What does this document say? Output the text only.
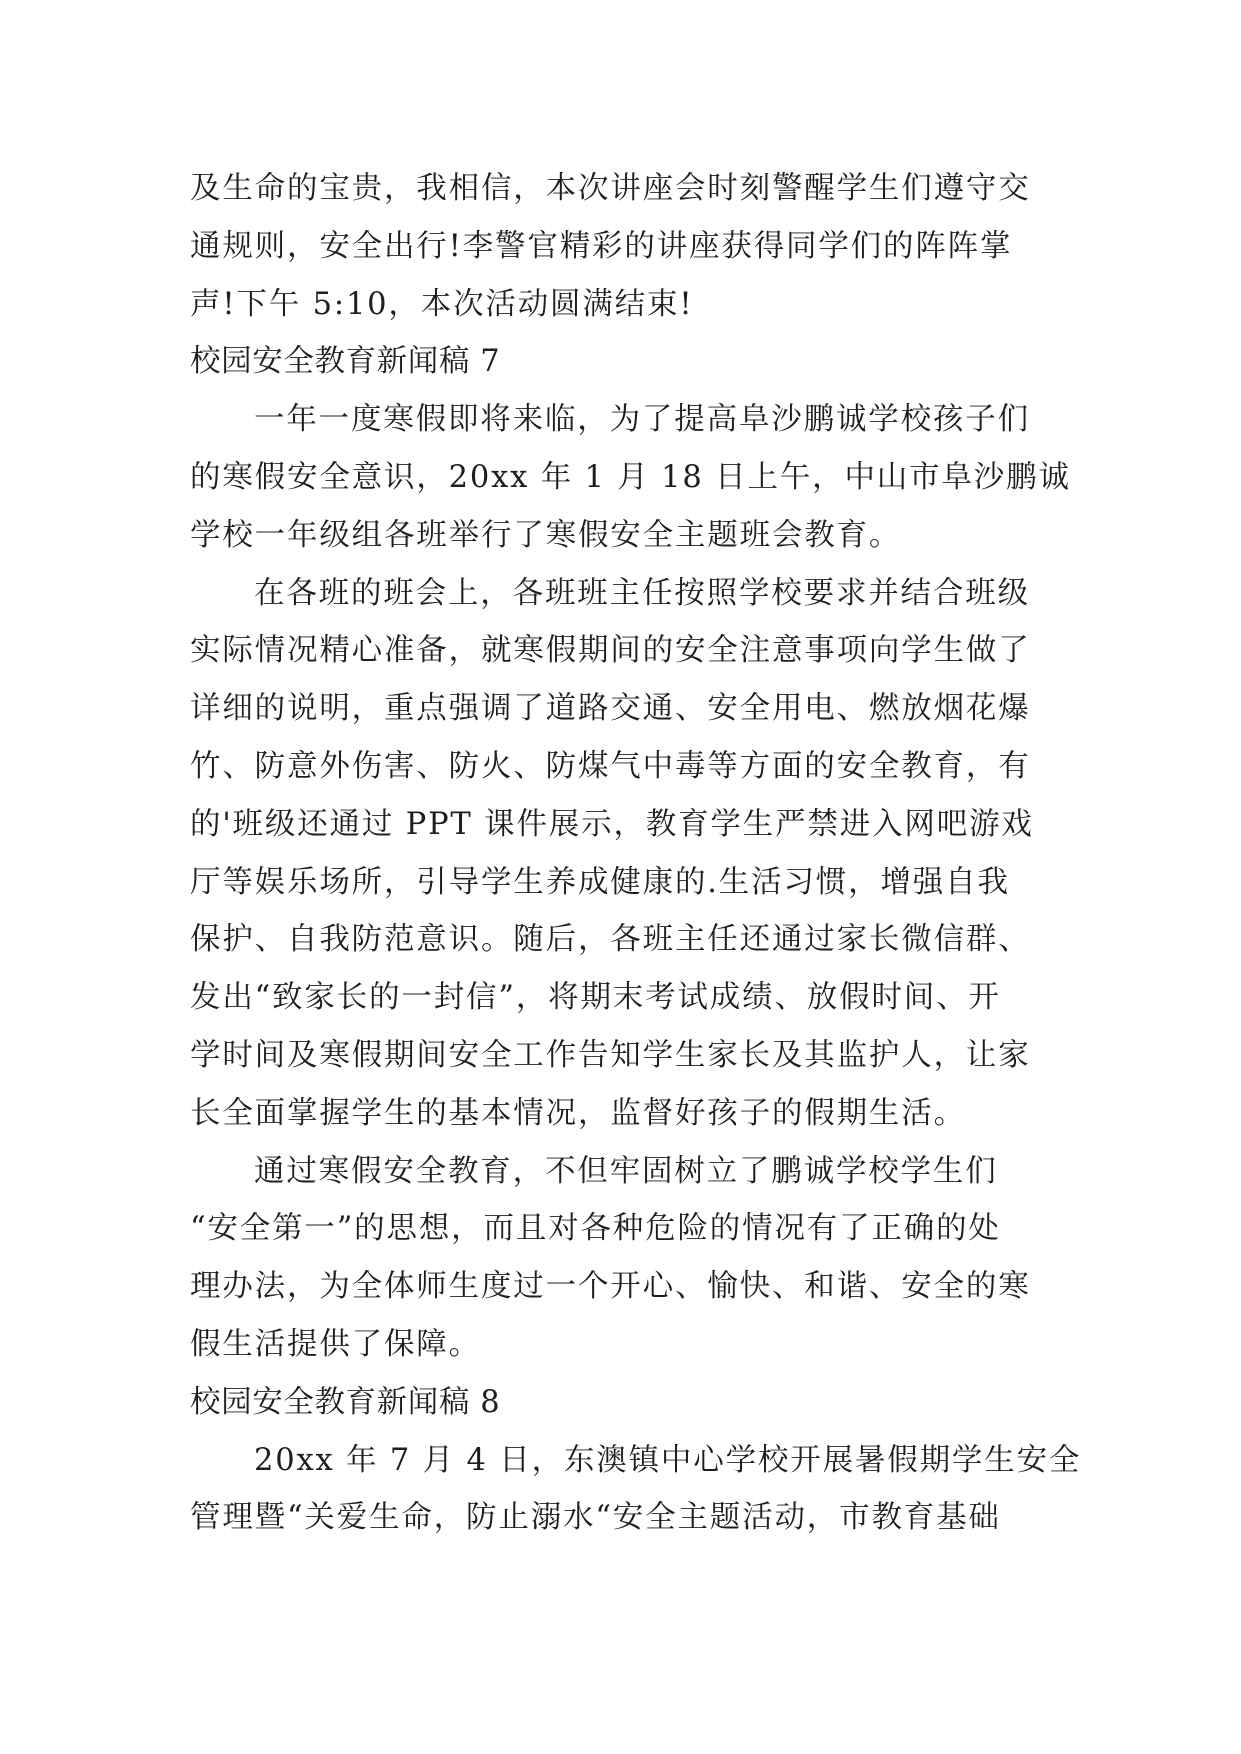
及生命的宝贵，我相信，本次讲座会时刻警醒学生们遵守交
通规则，安全出行!李警官精彩的讲座获得同学们的阵阵掌
声!下午 5:10，本次活动圆满结束!
校园安全教育新闻稿 7
一年一度寒假即将来临，为了提高阜沙鹏诚学校孩子们
的寒假安全意识，20xx 年 1 月 18 日上午，中山市阜沙鹏诚
学校一年级组各班举行了寒假安全主题班会教育。
在各班的班会上，各班班主任按照学校要求并结合班级
实际情况精心准备，就寒假期间的安全注意事项向学生做了
详细的说明，重点强调了道路交通、安全用电、燃放烟花爆
竹、防意外伤害、防火、防煤气中毒等方面的安全教育，有
的'班级还通过 PPT 课件展示，教育学生严禁进入网吧游戏
厅等娱乐场所，引导学生养成健康的.生活习惯，增强自我
保护、自我防范意识。随后，各班主任还通过家长微信群、
发出“致家长的一封信”，将期末考试成绩、放假时间、开
学时间及寒假期间安全工作告知学生家长及其监护人，让家
长全面掌握学生的基本情况，监督好孩子的假期生活。
通过寒假安全教育，不但牢固树立了鹏诚学校学生们
“安全第一”的思想，而且对各种危险的情况有了正确的处
理办法，为全体师生度过一个开心、愉快、和谐、安全的寒
假生活提供了保障。
校园安全教育新闻稿 8
20xx 年 7 月 4 日，东澳镇中心学校开展暑假期学生安全
管理暨“关爱生命，防止溺水“安全主题活动，市教育基础
